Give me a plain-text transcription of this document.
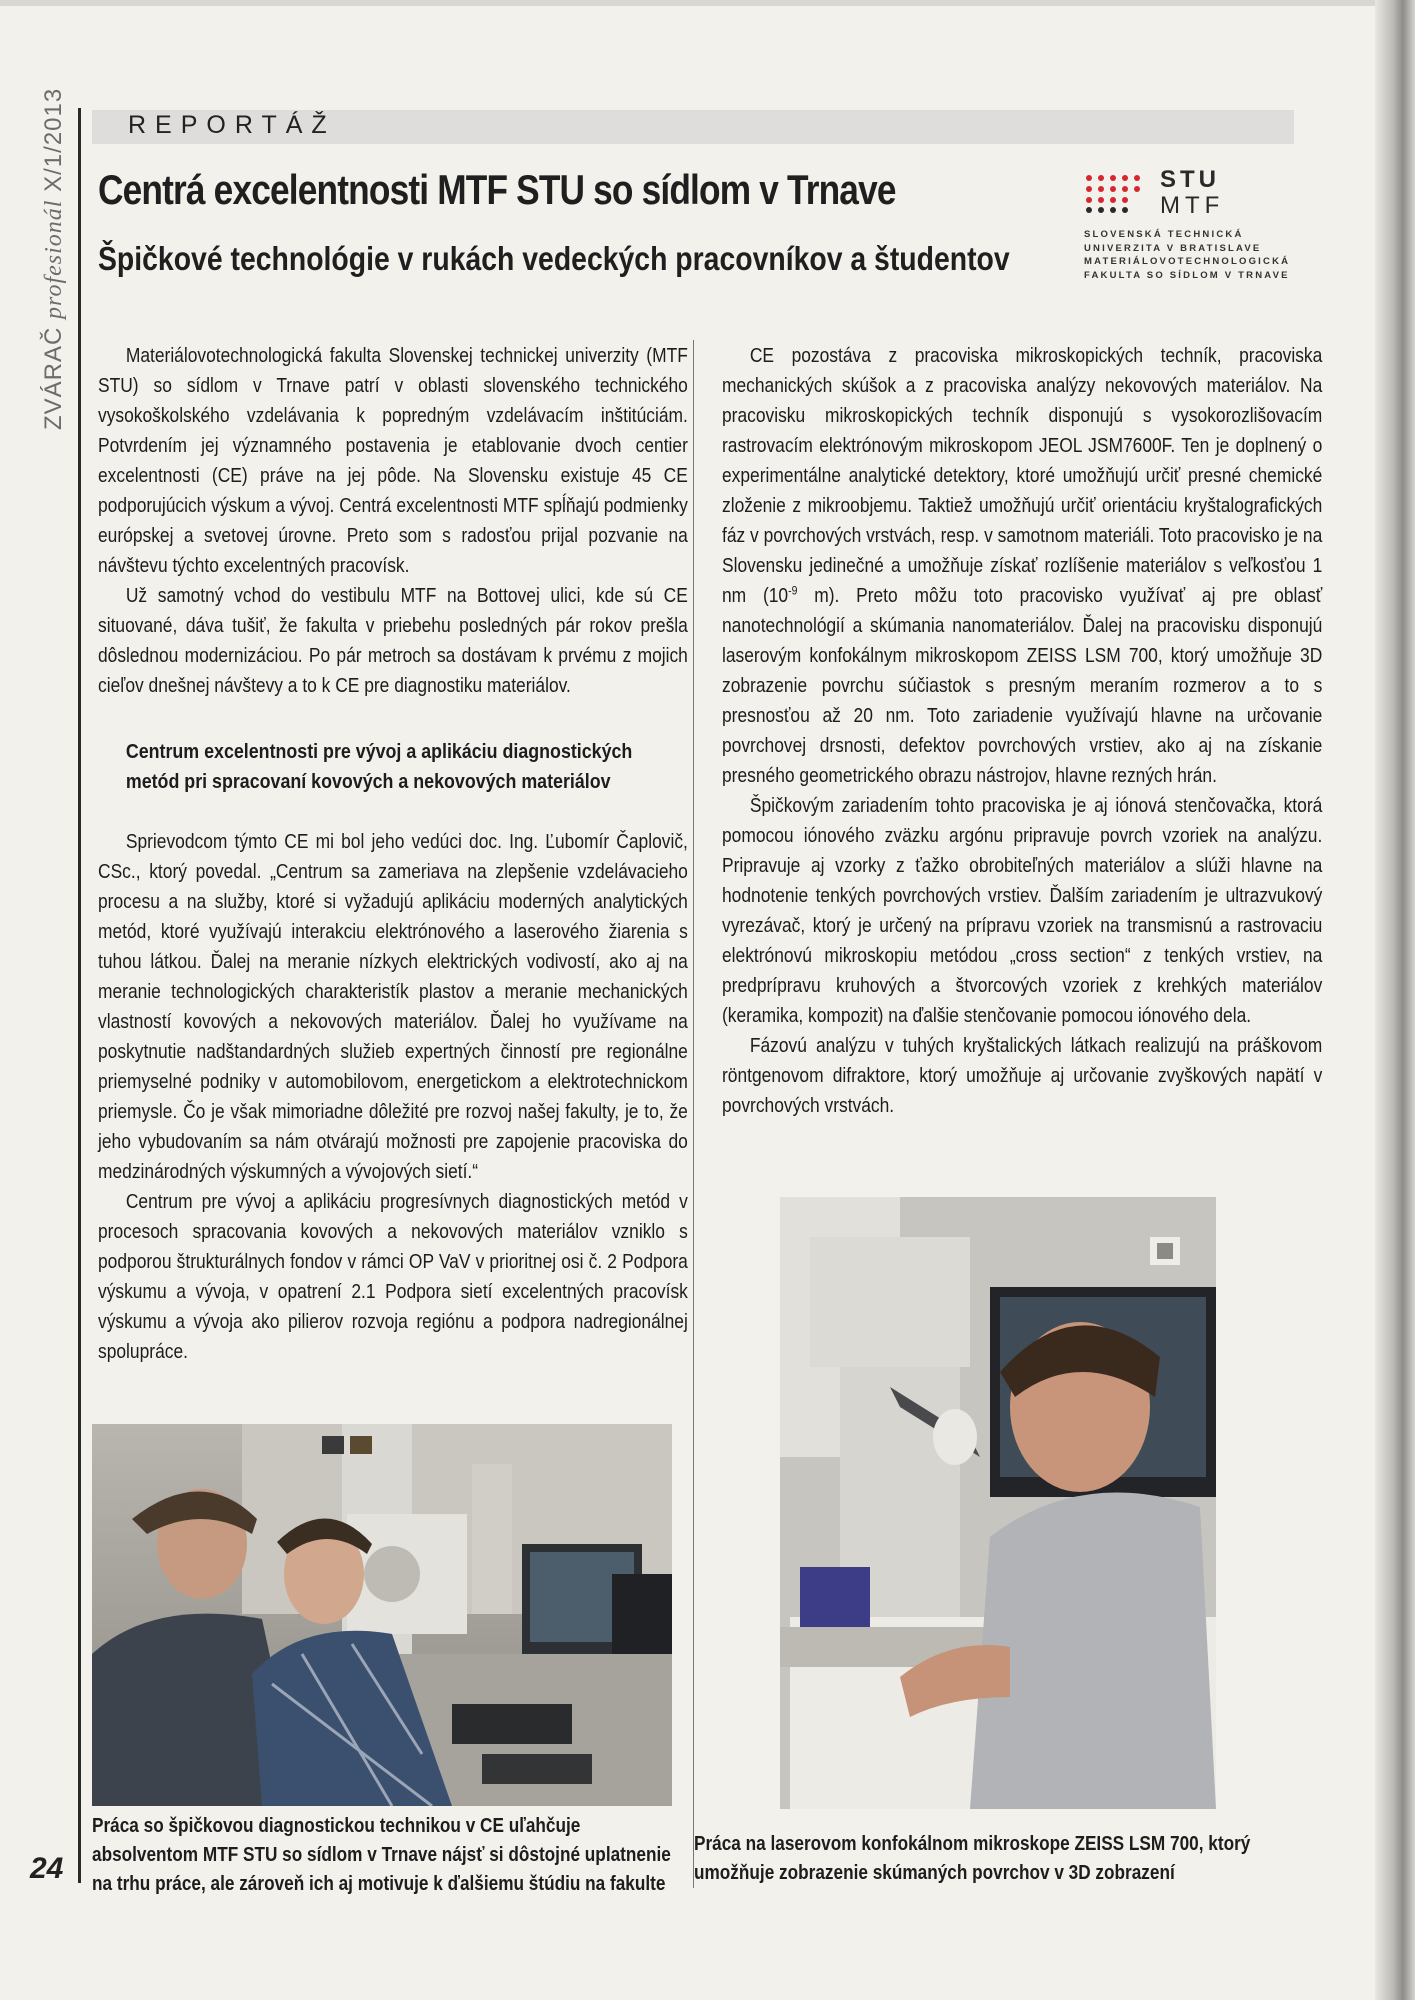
ZVÁRAČ profesionál X/1/2013
24
REPORTÁŽ
Centrá excelentnosti MTF STU so sídlom v Trnave
Špičkové technológie v rukách vedeckých pracovníkov a študentov
STU
MTF
SLOVENSKÁ TECHNICKÁ
UNIVERZITA V BRATISLAVE
MATERIÁLOVOTECHNOLOGICKÁ
FAKULTA SO SÍDLOM V TRNAVE

Materiálovotechnologická fakulta Slovenskej technickej univerzity (MTF STU) so sídlom v Trnave patrí v oblasti slovenského technického vysokoškolského vzdelávania k popredným vzdelávacím inštitúciám. Potvrdením jej významného postavenia je etablovanie dvoch centier excelentnosti (CE) práve na jej pôde. Na Slovensku existuje 45 CE podporujúcich výskum a vývoj. Centrá excelentnosti MTF spĺňajú podmienky európskej a svetovej úrovne. Preto som s radosťou prijal pozvanie na návštevu týchto excelentných pracovísk.

Už samotný vchod do vestibulu MTF na Bottovej ulici, kde sú CE situované, dáva tušiť, že fakulta v priebehu posledných pár rokov prešla dôslednou modernizáciou. Po pár metroch sa dostávam k prvému z mojich cieľov dnešnej návštevy a to k CE pre diagnostiku materiálov.

Centrum excelentnosti pre vývoj a aplikáciu diagnostických metód pri spracovaní kovových a nekovových materiálov

Sprievodcom týmto CE mi bol jeho vedúci doc. Ing. Ľubomír Čaplovič, CSc., ktorý povedal. „Centrum sa zameriava na zlepšenie vzdelávacieho procesu a na služby, ktoré si vyžadujú aplikáciu moderných analytických metód, ktoré využívajú interakciu elektrónového a laserového žiarenia s tuhou látkou. Ďalej na meranie nízkych elektrických vodivostí, ako aj na meranie technologických charakteristík plastov a meranie mechanických vlastností kovových a nekovových materiálov. Ďalej ho využívame na poskytnutie nadštandardných služieb expertných činností pre regionálne priemyselné podniky v automobilovom, energetickom a elektrotechnickom priemysle. Čo je však mimoriadne dôležité pre rozvoj našej fakulty, je to, že jeho vybudovaním sa nám otvárajú možnosti pre zapojenie pracoviska do medzinárodných výskumných a vývojových sietí.“

Centrum pre vývoj a aplikáciu progresívnych diagnostických metód v procesoch spracovania kovových a nekovových materiálov vzniklo s podporou štrukturálnych fondov v rámci OP VaV v prioritnej osi č. 2 Podpora výskumu a vývoja, v opatrení 2.1 Podpora sietí excelentných pracovísk výskumu a vývoja ako pilierov rozvoja regiónu a podpora nadregionálnej spolupráce.

CE pozostáva z pracoviska mikroskopických techník, pracoviska mechanických skúšok a z pracoviska analýzy nekovových materiálov. Na pracovisku mikroskopických techník disponujú s vysokorozlišovacím rastrovacím elektrónovým mikroskopom JEOL JSM7600F. Ten je doplnený o experimentálne analytické detektory, ktoré umožňujú určiť presné chemické zloženie z mikroobjemu. Taktiež umožňujú určiť orientáciu kryštalografických fáz v povrchových vrstvách, resp. v samotnom materiáli. Toto pracovisko je na Slovensku jedinečné a umožňuje získať rozlíšenie materiálov s veľkosťou 1 nm ($10^{-9}$ m). Preto môžu toto pracovisko využívať aj pre oblasť nanotechnológií a skúmania nanomateriálov. Ďalej na pracovisku disponujú laserovým konfokálnym mikroskopom ZEISS LSM 700, ktorý umožňuje 3D zobrazenie povrchu súčiastok s presným meraním rozmerov a to s presnosťou až 20 nm. Toto zariadenie využívajú hlavne na určovanie povrchovej drsnosti, defektov povrchových vrstiev, ako aj na získanie presného geometrického obrazu nástrojov, hlavne rezných hrán.

Špičkovým zariadením tohto pracoviska je aj iónová stenčovačka, ktorá pomocou iónového zväzku argónu pripravuje povrch vzoriek na analýzu. Pripravuje aj vzorky z ťažko obrobiteľných materiálov a slúži hlavne na hodnotenie tenkých povrchových vrstiev. Ďalším zariadením je ultrazvukový vyrezávač, ktorý je určený na prípravu vzoriek na transmisnú a rastrovaciu elektrónovú mikroskopiu metódou „cross section“ z tenkých vrstiev, na predprípravu kruhových a štvorcových vzoriek z krehkých materiálov (keramika, kompozit) na ďalšie stenčovanie pomocou iónového dela.

Fázovú analýzu v tuhých kryštalických látkach realizujú na práškovom röntgenovom difraktore, ktorý umožňuje aj určovanie zvyškových napätí v povrchových vrstvách.

Práca so špičkovou diagnostickou technikou v CE uľahčuje absolventom MTF STU so sídlom v Trnave nájsť si dôstojné uplatnenie na trhu práce, ale zároveň ich aj motivuje k ďalšiemu štúdiu na fakulte
Práca na laserovom konfokálnom mikroskope ZEISS LSM 700, ktorý umožňuje zobrazenie skúmaných povrchov v 3D zobrazení
